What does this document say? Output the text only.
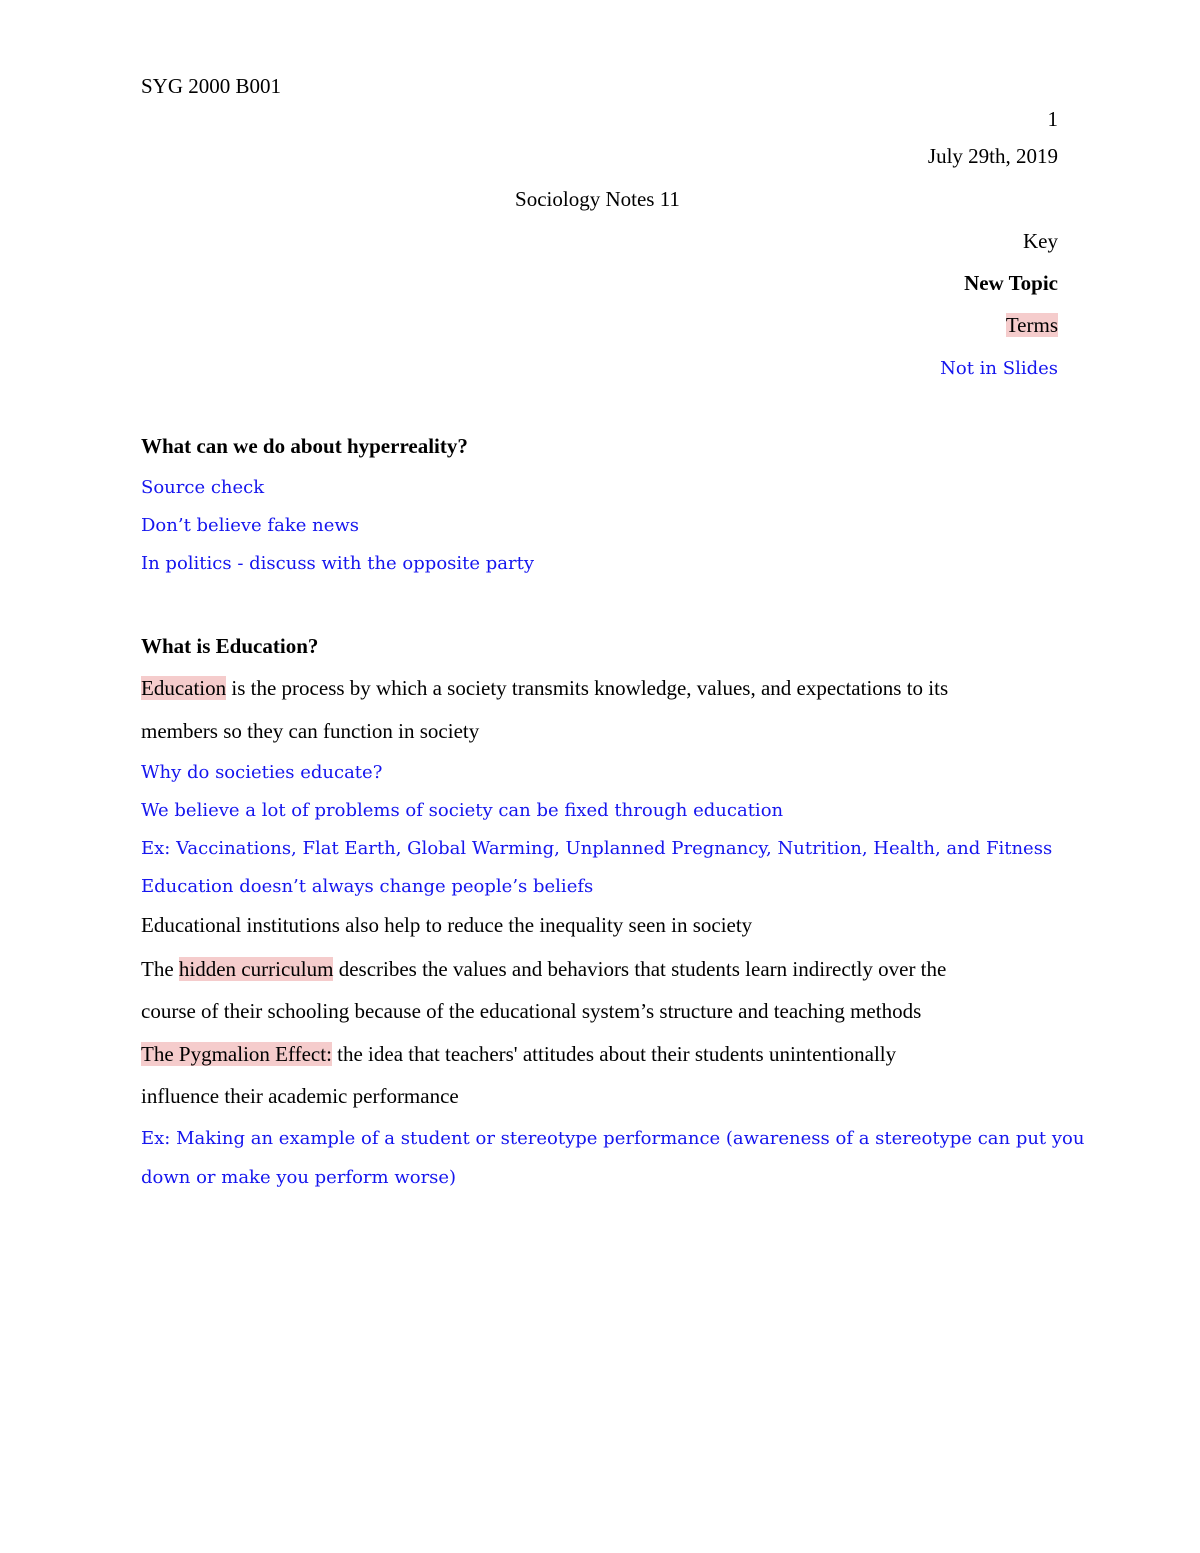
SYG 2000 B001
1
July 29th, 2019
Sociology Notes 11
Key
New Topic
Terms
Not in Slides
What can we do about hyperreality?
Source check
Don’t believe fake news
In politics - discuss with the opposite party
What is Education?
Education is the process by which a society transmits knowledge, values, and expectations to its
members so they can function in society
Why do societies educate?
We believe a lot of problems of society can be fixed through education
Ex: Vaccinations, Flat Earth, Global Warming, Unplanned Pregnancy, Nutrition, Health, and Fitness
Education doesn’t always change people’s beliefs
Educational institutions also help to reduce the inequality seen in society
The hidden curriculum describes the values and behaviors that students learn indirectly over the
course of their schooling because of the educational system’s structure and teaching methods
The Pygmalion Effect: the idea that teachers' attitudes about their students unintentionally
influence their academic performance
Ex: Making an example of a student or stereotype performance (awareness of a stereotype can put you
down or make you perform worse)
